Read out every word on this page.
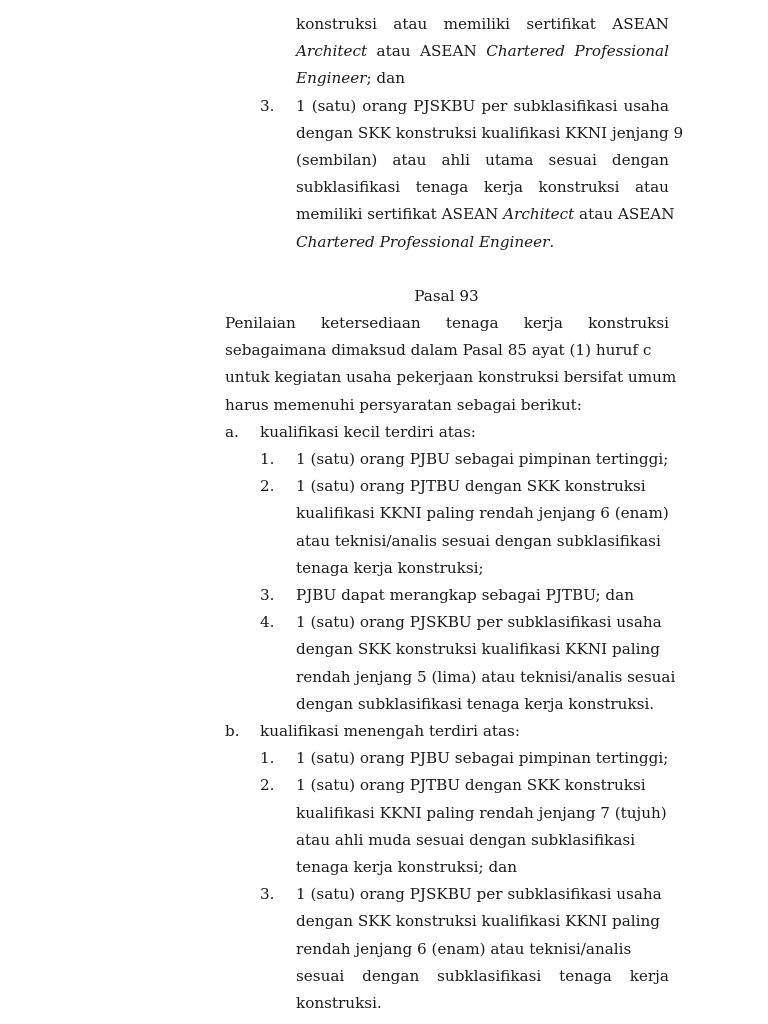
konstruksi atau memiliki sertifikat ASEAN
Architect atau ASEAN Chartered Professional
Engineer; dan
3. 1 (satu) orang PJSKBU per subklasifikasi usaha
dengan SKK konstruksi kualifikasi KKNI jenjang 9
(sembilan) atau ahli utama sesuai dengan
subklasifikasi tenaga kerja konstruksi atau
memiliki sertifikat ASEAN Architect atau ASEAN
Chartered Professional Engineer.
Pasal 93
Penilaian ketersediaan tenaga kerja konstruksi
sebagaimana dimaksud dalam Pasal 85 ayat (1) huruf c
untuk kegiatan usaha pekerjaan konstruksi bersifat umum
harus memenuhi persyaratan sebagai berikut:
a. kualifikasi kecil terdiri atas:
1. 1 (satu) orang PJBU sebagai pimpinan tertinggi;
2. 1 (satu) orang PJTBU dengan SKK konstruksi
kualifikasi KKNI paling rendah jenjang 6 (enam)
atau teknisi/analis sesuai dengan subklasifikasi
tenaga kerja konstruksi;
3. PJBU dapat merangkap sebagai PJTBU; dan
4. 1 (satu) orang PJSKBU per subklasifikasi usaha
dengan SKK konstruksi kualifikasi KKNI paling
rendah jenjang 5 (lima) atau teknisi/analis sesuai
dengan subklasifikasi tenaga kerja konstruksi.
b. kualifikasi menengah terdiri atas:
1. 1 (satu) orang PJBU sebagai pimpinan tertinggi;
2. 1 (satu) orang PJTBU dengan SKK konstruksi
kualifikasi KKNI paling rendah jenjang 7 (tujuh)
atau ahli muda sesuai dengan subklasifikasi
tenaga kerja konstruksi; dan
3. 1 (satu) orang PJSKBU per subklasifikasi usaha
dengan SKK konstruksi kualifikasi KKNI paling
rendah jenjang 6 (enam) atau teknisi/analis
sesuai dengan subklasifikasi tenaga kerja
konstruksi.
